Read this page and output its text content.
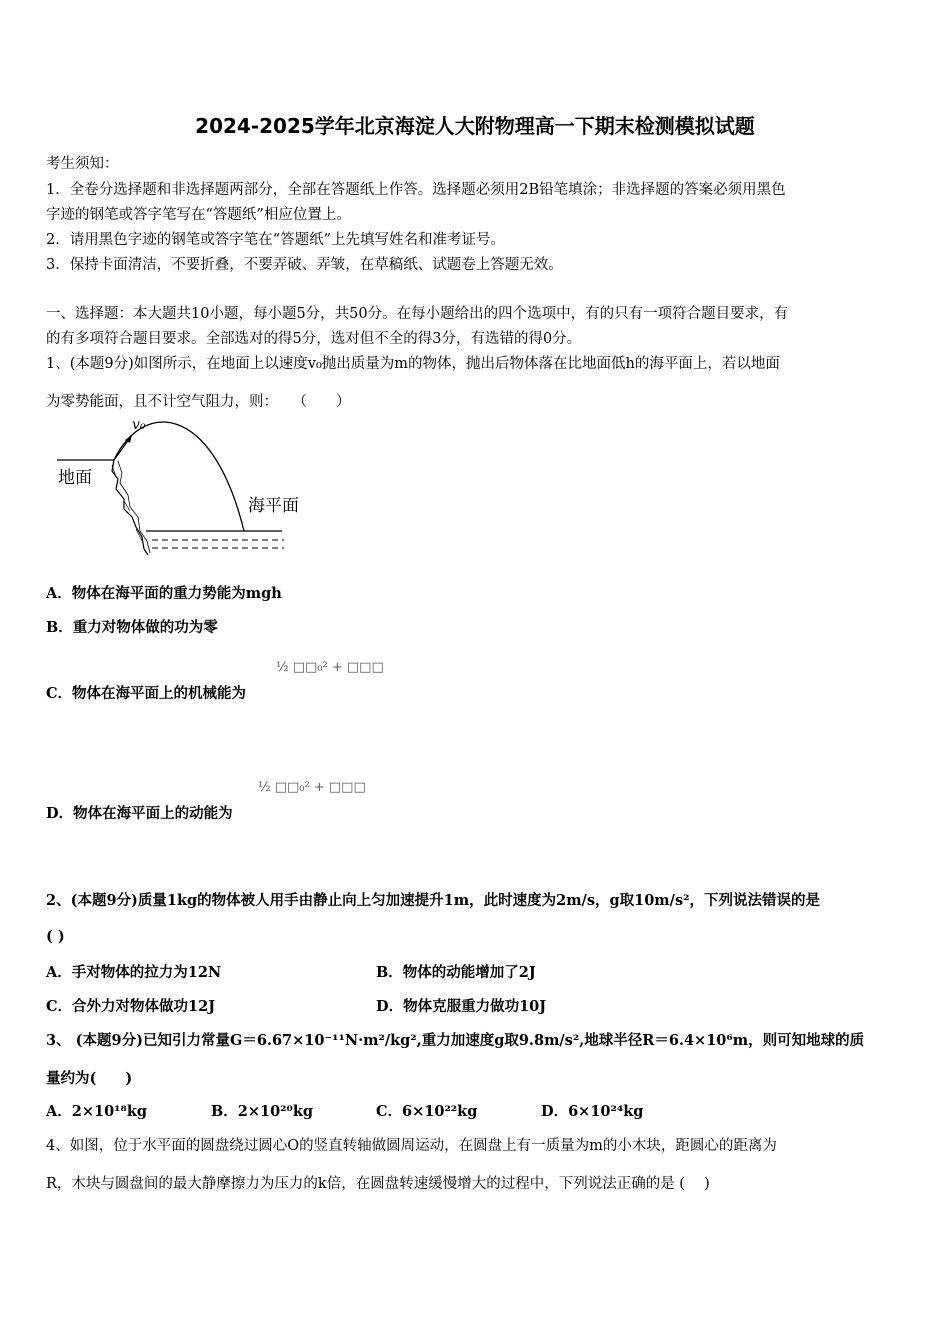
2024-2025学年北京海淀人大附物理高一下期末检测模拟试题
考生须知：
1．全卷分选择题和非选择题两部分，全部在答题纸上作答。选择题必须用2B铅笔填涂；非选择题的答案必须用黑色
字迹的钢笔或答字笔写在“答题纸”相应位置上。
2．请用黑色字迹的钢笔或答字笔在“答题纸”上先填写姓名和准考证号。
3．保持卡面清洁，不要折叠，不要弄破、弄皱，在草稿纸、试题卷上答题无效。
一、选择题：本大题共10小题，每小题5分，共50分。在每小题给出的四个选项中，有的只有一项符合题目要求，有
的有多项符合题目要求。全部选对的得5分，选对但不全的得3分，有选错的得0分。
1、(本题9分)如图所示，在地面上以速度v₀抛出质量为m的物体，抛出后物体落在比地面低h的海平面上，若以地面
为零势能面，且不计空气阻力，则：　　（　　）
v₀
地面
海平面
A．物体在海平面的重力势能为mgh
B．重力对物体做的功为零
C．物体在海平面上的机械能为
½ □□₀² + □□□
D．物体在海平面上的动能为
½ □□₀² + □□□
2、(本题9分)质量1kg的物体被人用手由静止向上匀加速提升1m，此时速度为2m/s，g取10m/s²，下列说法错误的是
( )
A．手对物体的拉力为12N	B．物体的动能增加了2J
C．合外力对物体做功12J	D．物体克服重力做功10J
3、 (本题9分)已知引力常量G＝6.67×10⁻¹¹N·m²/kg²,重力加速度g取9.8m/s²,地球半径R＝6.4×10⁶m，则可知地球的质
量约为(　　)
A．2×10¹⁸kg	B．2×10²⁰kg	C．6×10²²kg	D．6×10²⁴kg
4、如图，位于水平面的圆盘绕过圆心O的竖直转轴做圆周运动，在圆盘上有一质量为m的小木块，距圆心的距离为
R，木块与圆盘间的最大静摩擦力为压力的k倍，在圆盘转速缓慢增大的过程中，下列说法正确的是 (　 )
